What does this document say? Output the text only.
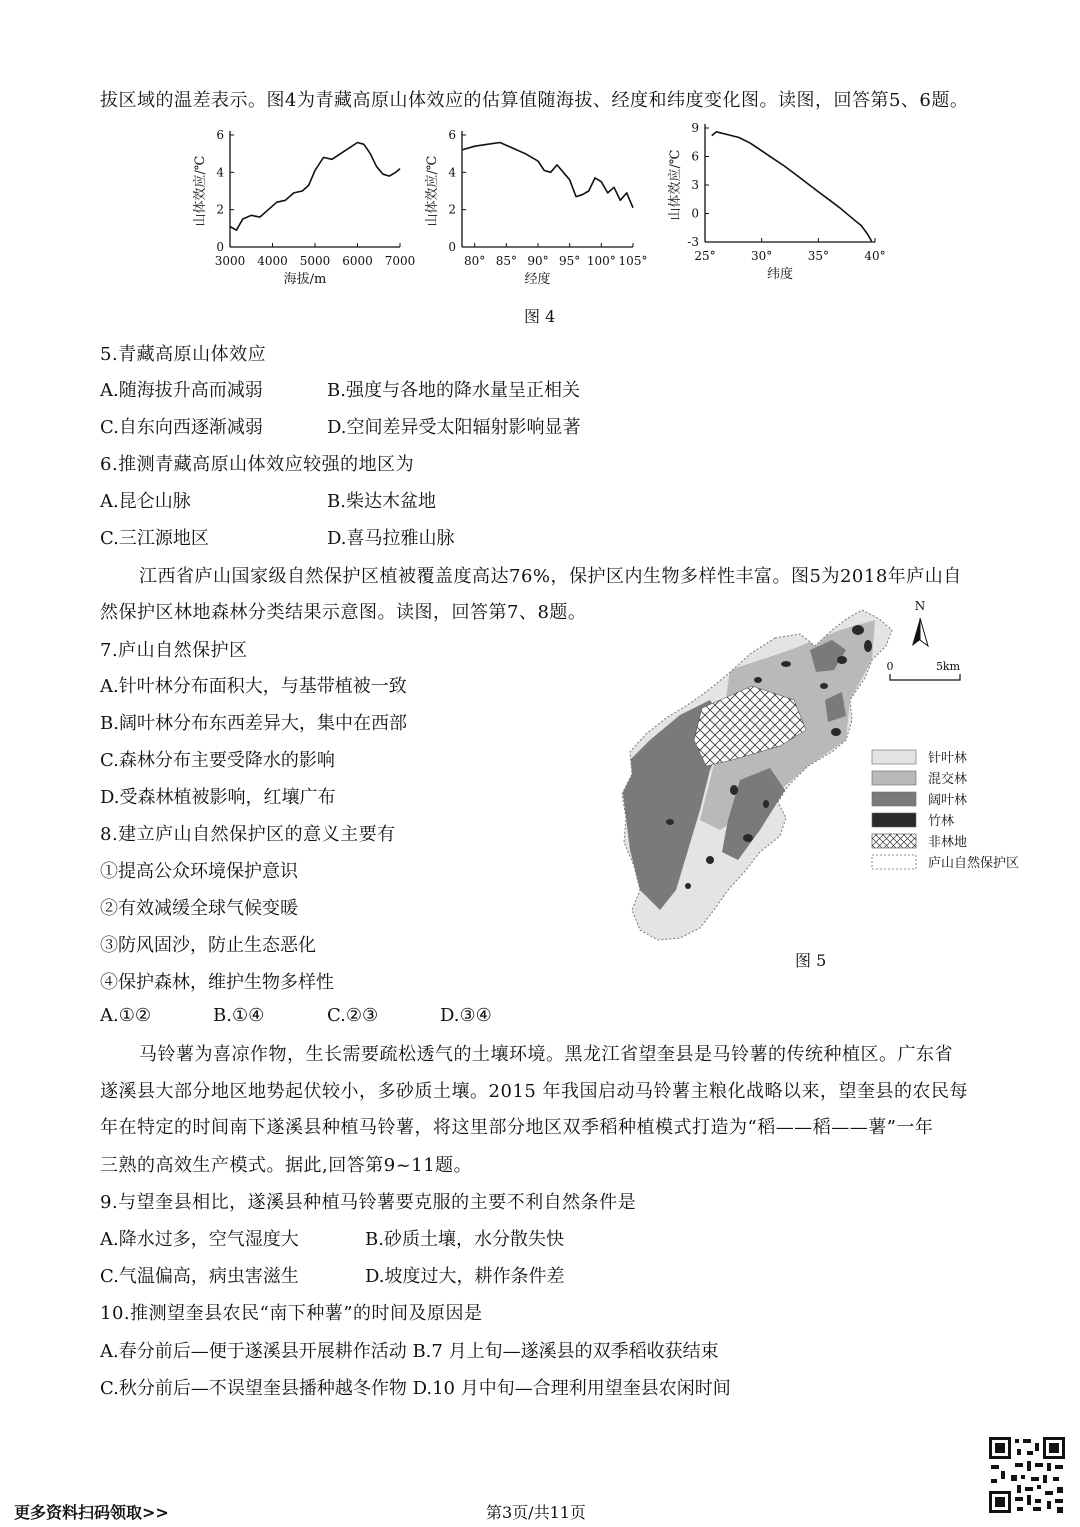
拔区域的温差表示。图4为青藏高原山体效应的估算值随海拔、经度和纬度变化图。读图，回答第5、6题。
0
2
4
6
3000 4000 5000 6000 7000
海拔/m
山体效应/℃
0
2
4
6
80° 85° 90° 95° 100° 105°
经度
山体效应/℃
-3
0
3
6
9
25°	30°	35°	40°
纬度
山体效应/℃
图 4
5.青藏高原山体效应
A.随海拔升高而减弱	B.强度与各地的降水量呈正相关
C.自东向西逐渐减弱	D.空间差异受太阳辐射影响显著
6.推测青藏高原山体效应较强的地区为
A.昆仑山脉	B.柴达木盆地
C.三江源地区	D.喜马拉雅山脉
江西省庐山国家级自然保护区植被覆盖度高达76%，保护区内生物多样性丰富。图5为2018年庐山自
然保护区林地森林分类结果示意图。读图，回答第7、8题。
7.庐山自然保护区
A.针叶林分布面积大，与基带植被一致
B.阔叶林分布东西差异大，集中在西部
C.森林分布主要受降水的影响
D.受森林植被影响，红壤广布
8.建立庐山自然保护区的意义主要有
①提高公众环境保护意识
②有效减缓全球气候变暖
③防风固沙，防止生态恶化
④保护森林，维护生物多样性
A.①②	B.①④	C.②③	D.③④
N
0	5km
针叶林
混交林
阔叶林
竹林
非林地
庐山自然保护区
图 5
马铃薯为喜凉作物，生长需要疏松透气的土壤环境。黑龙江省望奎县是马铃薯的传统种植区。广东省
遂溪县大部分地区地势起伏较小，多砂质土壤。2015 年我国启动马铃薯主粮化战略以来，望奎县的农民每
年在特定的时间南下遂溪县种植马铃薯，将这里部分地区双季稻种植模式打造为“稻——稻——薯”一年
三熟的高效生产模式。据此,回答第9~11题。
9.与望奎县相比，遂溪县种植马铃薯要克服的主要不利自然条件是
A.降水过多，空气湿度大	B.砂质土壤，水分散失快
C.气温偏高，病虫害滋生	D.坡度过大，耕作条件差
10.推测望奎县农民“南下种薯”的时间及原因是
A.春分前后—便于遂溪县开展耕作活动 B.7 月上旬—遂溪县的双季稻收获结束
C.秋分前后—不误望奎县播种越冬作物 D.10 月中旬—合理利用望奎县农闲时间
更多资料扫码领取>>	第3页/共11页
